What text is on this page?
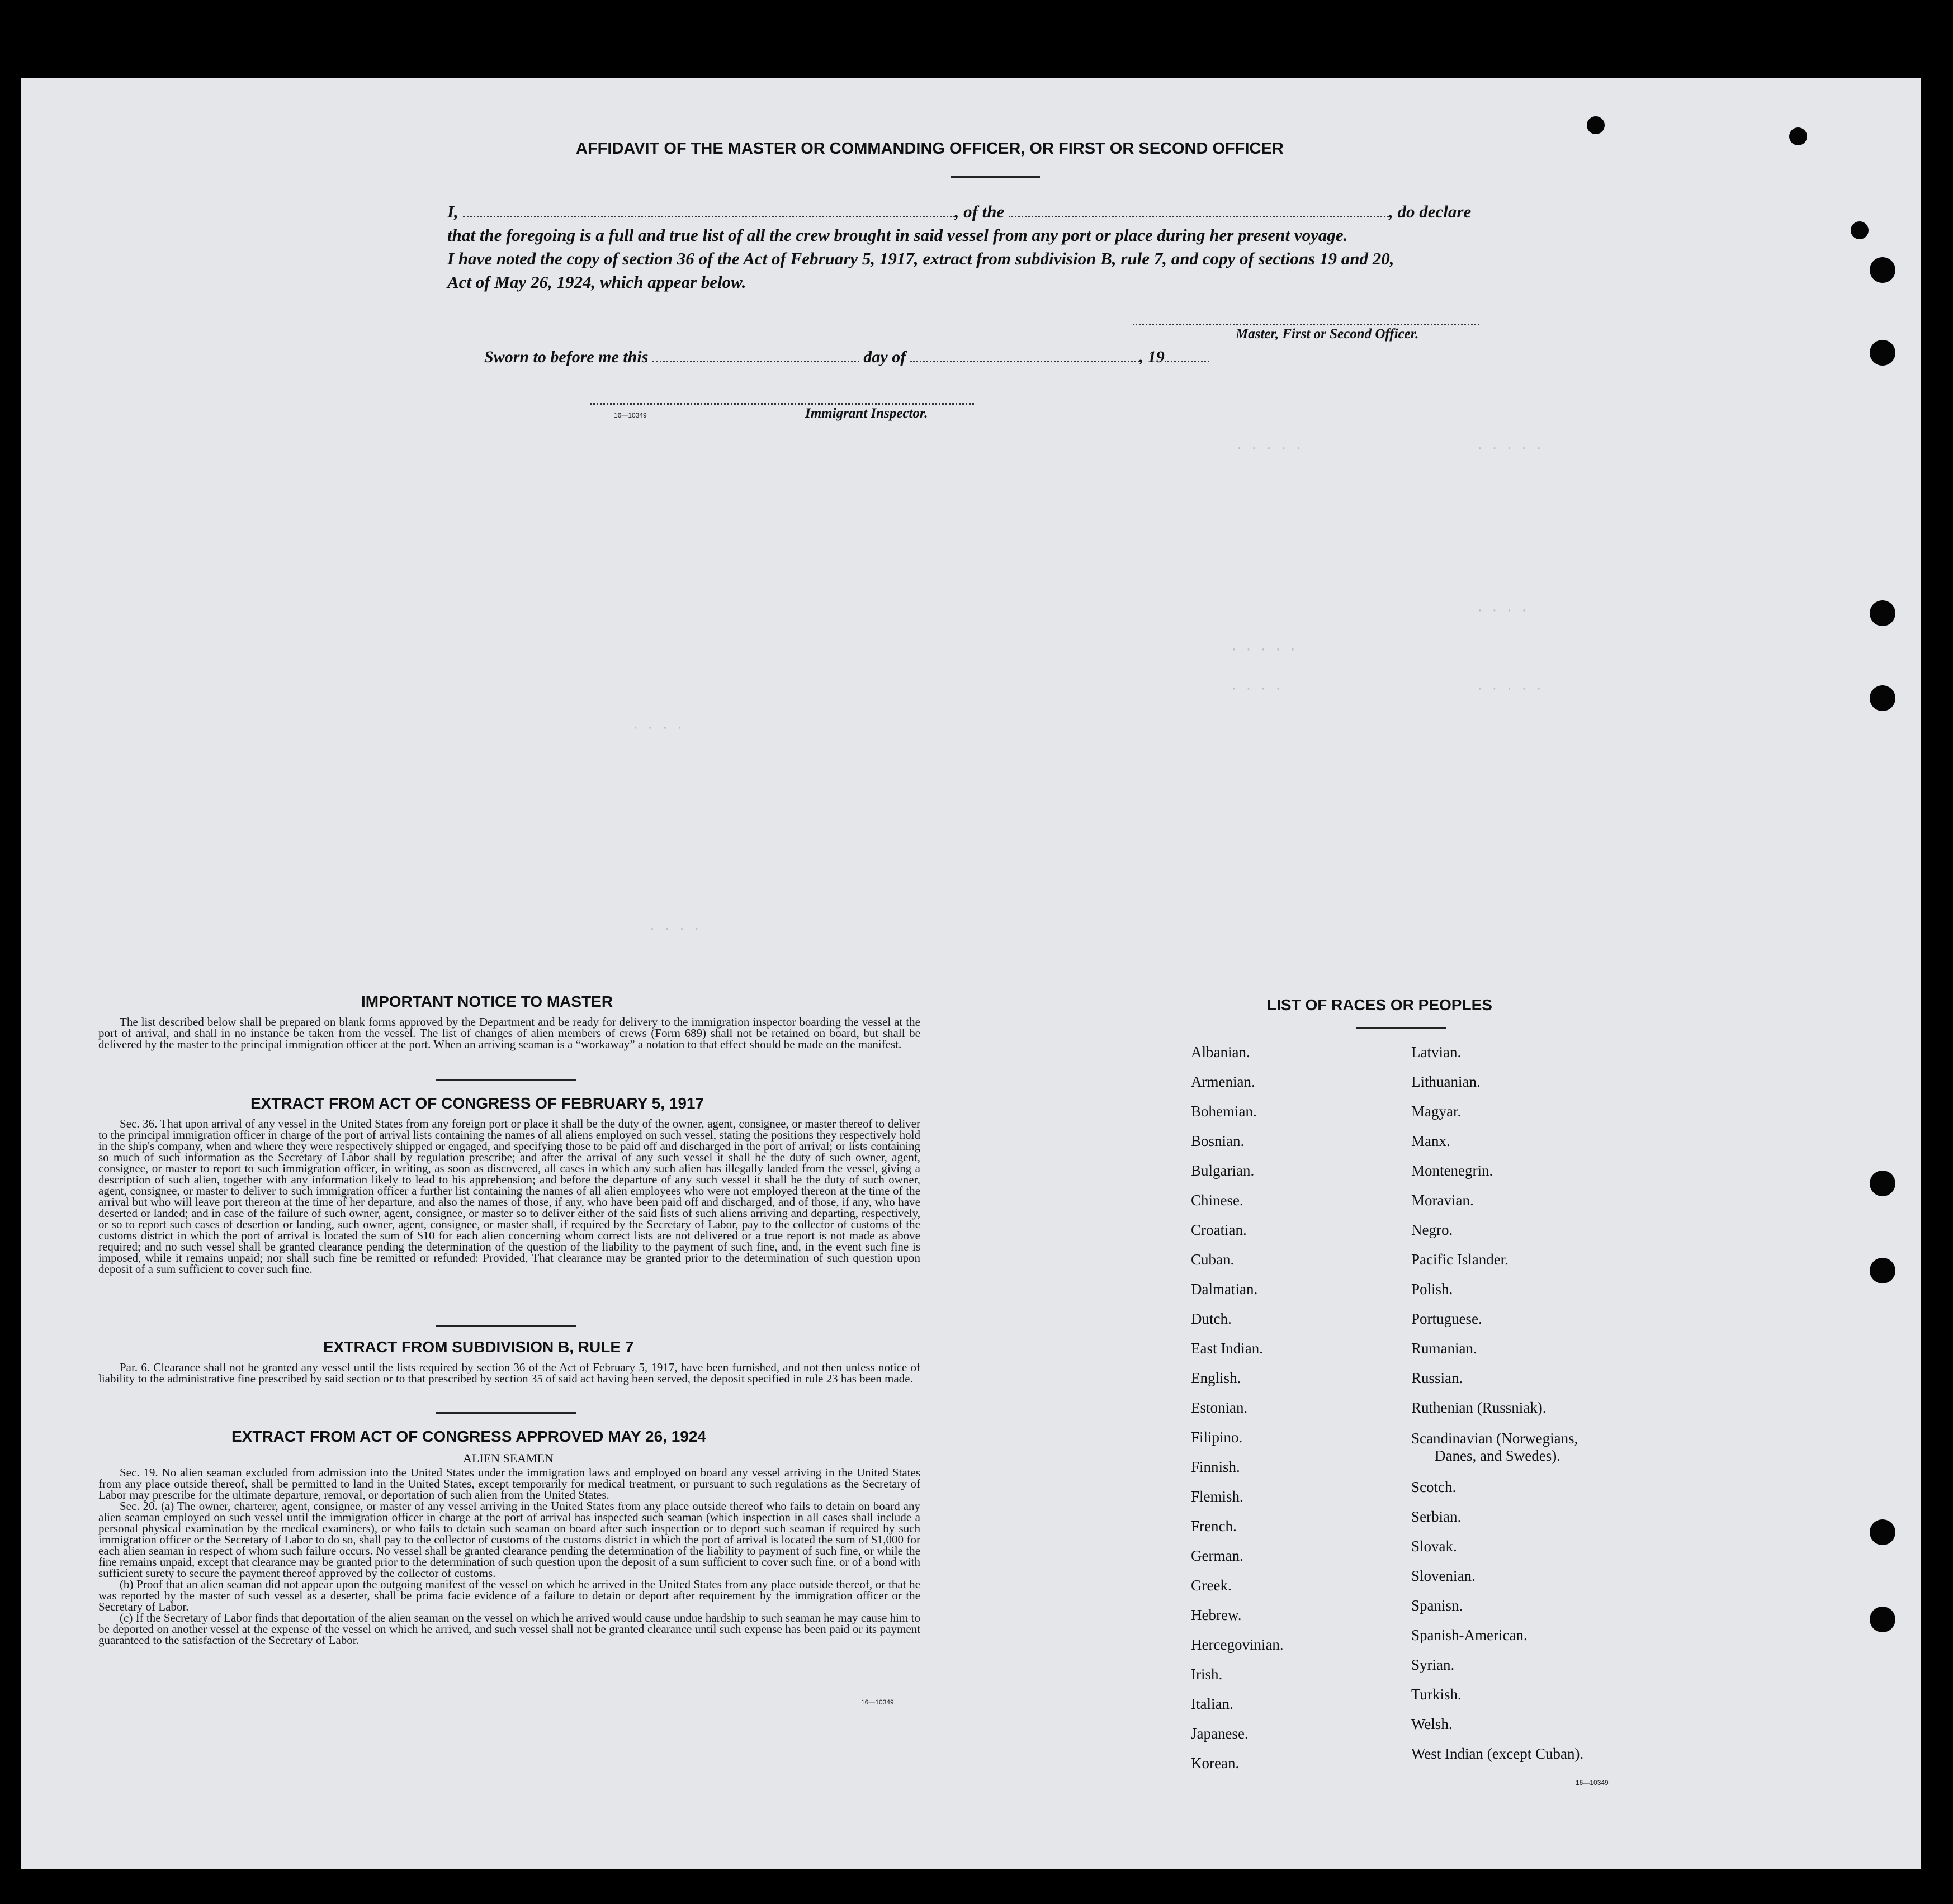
· · · · ·	· · · · ·
· · · ·
· · · · ·
· · · · ·
· · · ·
· · · ·
· · · ·
AFFIDAVIT OF THE MASTER OR COMMANDING OFFICER, OR FIRST OR SECOND OFFICER
I,	, of the	, do declare
that the foregoing is a full and true list of all the crew brought in said vessel from any port or place during her present voyage.
I have noted the copy of section 36 of the Act of February 5, 1917, extract from subdivision B, rule 7, and copy of sections 19 and 20,
Act of May 26, 1924, which appear below.
Master, First or Second Officer.
Sworn to before me this	day of	, 19
16—10349	Immigrant Inspector.
IMPORTANT NOTICE TO MASTER

The list described below shall be prepared on blank forms approved by the Department and be ready for delivery to the immigration inspector boarding the vessel at the port of arrival, and shall in no instance be taken from the vessel. The list of changes of alien members of crews (Form 689) shall not be retained on board, but shall be delivered by the master to the principal immigration officer at the port. When an arriving seaman is a “workaway” a notation to that effect should be made on the manifest.

EXTRACT FROM ACT OF CONGRESS OF FEBRUARY 5, 1917

Sec. 36. That upon arrival of any vessel in the United States from any foreign port or place it shall be the duty of the owner, agent, consignee, or master thereof to deliver to the principal immigration officer in charge of the port of arrival lists containing the names of all aliens employed on such vessel, stating the positions they respectively hold in the ship's company, when and where they were respectively shipped or engaged, and specifying those to be paid off and discharged in the port of arrival; or lists containing so much of such information as the Secretary of Labor shall by regulation prescribe; and after the arrival of any such vessel it shall be the duty of such owner, agent, consignee, or master to report to such immigration officer, in writing, as soon as discovered, all cases in which any such alien has illegally landed from the vessel, giving a description of such alien, together with any information likely to lead to his apprehension; and before the departure of any such vessel it shall be the duty of such owner, agent, consignee, or master to deliver to such immigration officer a further list containing the names of all alien employees who were not employed thereon at the time of the arrival but who will leave port thereon at the time of her departure, and also the names of those, if any, who have been paid off and discharged, and of those, if any, who have deserted or landed; and in case of the failure of such owner, agent, consignee, or master so to deliver either of the said lists of such aliens arriving and departing, respectively, or so to report such cases of desertion or landing, such owner, agent, consignee, or master shall, if required by the Secretary of Labor, pay to the collector of customs of the customs district in which the port of arrival is located the sum of $10 for each alien concerning whom correct lists are not delivered or a true report is not made as above required; and no such vessel shall be granted clearance pending the determination of the question of the liability to the payment of such fine, and, in the event such fine is imposed, while it remains unpaid; nor shall such fine be remitted or refunded: Provided, That clearance may be granted prior to the determination of such question upon deposit of a sum sufficient to cover such fine.

EXTRACT FROM SUBDIVISION B, RULE 7

Par. 6. Clearance shall not be granted any vessel until the lists required by section 36 of the Act of February 5, 1917, have been furnished, and not then unless notice of liability to the administrative fine prescribed by said section or to that prescribed by section 35 of said act having been served, the deposit specified in rule 23 has been made.

EXTRACT FROM ACT OF CONGRESS APPROVED MAY 26, 1924
ALIEN SEAMEN

Sec. 19. No alien seaman excluded from admission into the United States under the immigration laws and employed on board any vessel arriving in the United States from any place outside thereof, shall be permitted to land in the United States, except temporarily for medical treatment, or pursuant to such regulations as the Secretary of Labor may prescribe for the ultimate departure, removal, or deportation of such alien from the United States.

Sec. 20. (a) The owner, charterer, agent, consignee, or master of any vessel arriving in the United States from any place outside thereof who fails to detain on board any alien seaman employed on such vessel until the immigration officer in charge at the port of arrival has inspected such seaman (which inspection in all cases shall include a personal physical examination by the medical examiners), or who fails to detain such seaman on board after such inspection or to deport such seaman if required by such immigration officer or the Secretary of Labor to do so, shall pay to the collector of customs of the customs district in which the port of arrival is located the sum of $1,000 for each alien seaman in respect of whom such failure occurs. No vessel shall be granted clearance pending the determination of the liability to payment of such fine, or while the fine remains unpaid, except that clearance may be granted prior to the determination of such question upon the deposit of a sum sufficient to cover such fine, or of a bond with sufficient surety to secure the payment thereof approved by the collector of customs.

(b) Proof that an alien seaman did not appear upon the outgoing manifest of the vessel on which he arrived in the United States from any place outside thereof, or that he was reported by the master of such vessel as a deserter, shall be prima facie evidence of a failure to detain or deport after requirement by the immigration officer or the Secretary of Labor.

(c) If the Secretary of Labor finds that deportation of the alien seaman on the vessel on which he arrived would cause undue hardship to such seaman he may cause him to be deported on another vessel at the expense of the vessel on which he arrived, and such vessel shall not be granted clearance until such expense has been paid or its payment guaranteed to the satisfaction of the Secretary of Labor.

16—10349
LIST OF RACES OR PEOPLES
Albanian.
Armenian.
Bohemian.
Bosnian.
Bulgarian.
Chinese.
Croatian.
Cuban.
Dalmatian.
Dutch.
East Indian.
English.
Estonian.
Filipino.
Finnish.
Flemish.
French.
German.
Greek.
Hebrew.
Hercegovinian.
Irish.
Italian.
Japanese.
Korean.
Latvian.
Lithuanian.
Magyar.
Manx.
Montenegrin.
Moravian.
Negro.
Pacific Islander.
Polish.
Portuguese.
Rumanian.
Russian.
Ruthenian (Russniak).
Scandinavian (Norwegians,
Danes, and Swedes).
Scotch.
Serbian.
Slovak.
Slovenian.
Spanisn.
Spanish-American.
Syrian.
Turkish.
Welsh.
West Indian (except Cuban).
16—10349
